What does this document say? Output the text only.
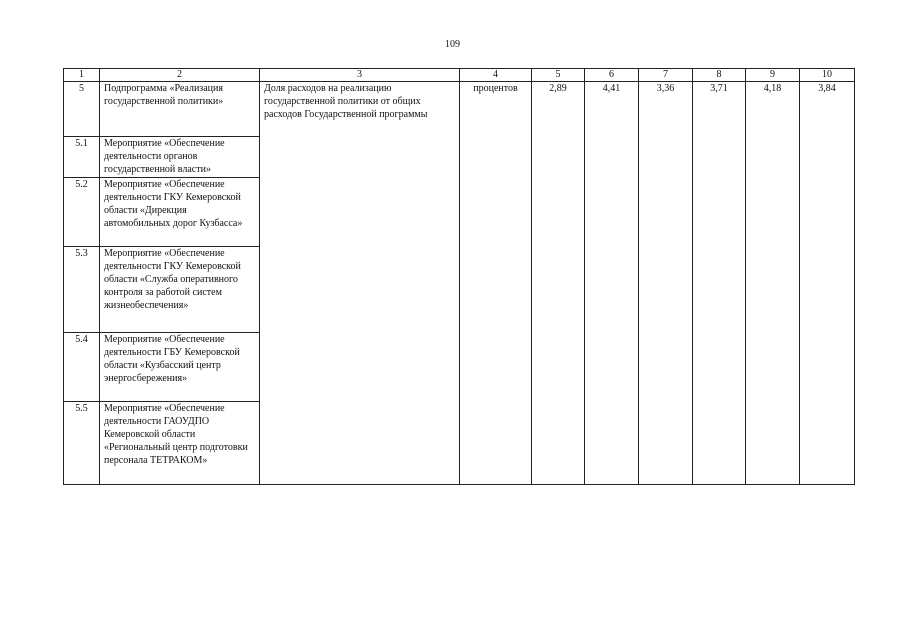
109
1	2	3	4	5	6	7	8	9	10
5	Подпрограмма «Реализация государственной политики»	Доля расходов на реализацию государственной политики от общих расходов Государственной программы	процентов	2,89	4,41	3,36	3,71	4,18	3,84
5.1	Мероприятие «Обеспечение деятельности органов государственной власти»								
5.2	Мероприятие «Обеспечение деятельности ГКУ Кемеровской области «Дирекция автомобильных дорог Кузбасса»								
5.3	Мероприятие «Обеспечение деятельности ГКУ Кемеровской области «Служба оперативного контроля за работой систем жизнеобеспечения»								
5.4	Мероприятие «Обеспечение деятельности ГБУ Кемеровской области «Кузбасский центр энергосбережения»								
5.5	Мероприятие «Обеспечение деятельности ГАОУДПО Кемеровской области «Региональный центр подготовки персонала ТЕТРАКОМ»								
